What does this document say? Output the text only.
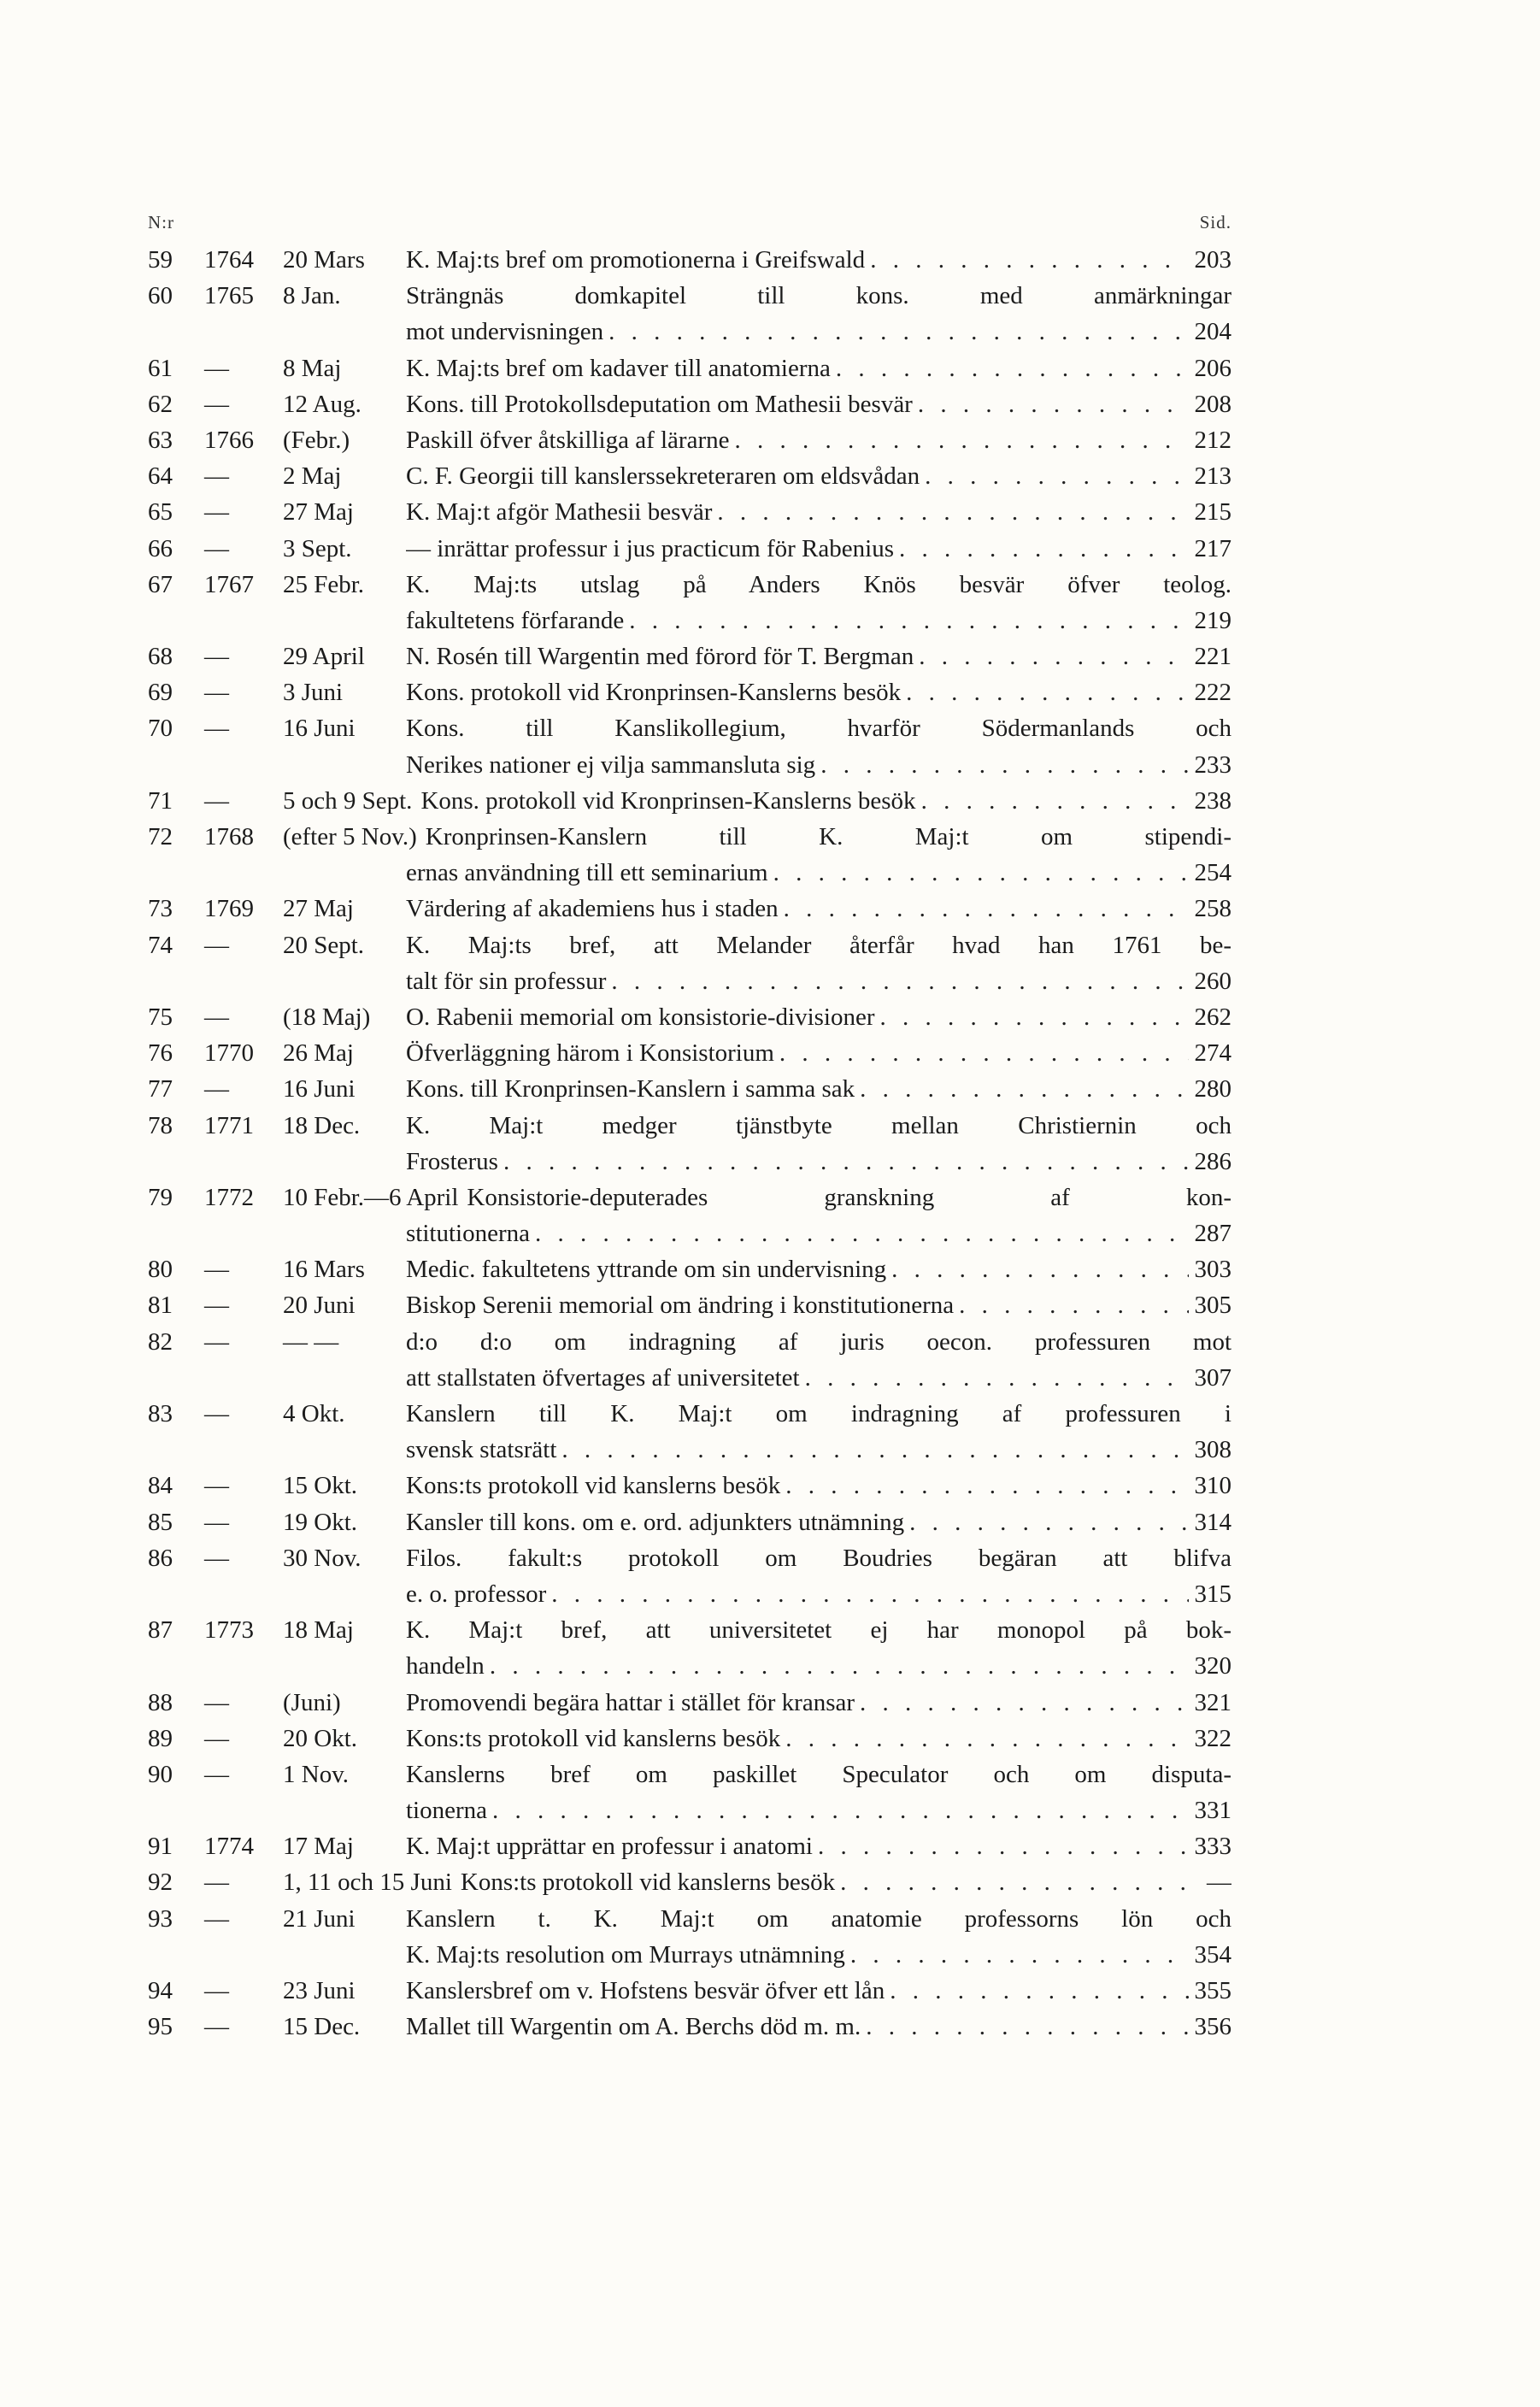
N:r	Sid.
59	1764	20 Mars	K. Maj:ts bref om promotionerna i Greifswald . . .	203
60	1765	8 Jan.	Strängnäs domkapitel till kons. med anmärkningar
mot undervisningen . . .	204
61	—	8 Maj	K. Maj:ts bref om kadaver till anatomierna . . .	206
62	—	12 Aug.	Kons. till Protokollsdeputation om Mathesii besvär . . .	208
63	1766	(Febr.)	Paskill öfver åtskilliga af lärarne . . .	212
64	—	2 Maj	C. F. Georgii till kanslerssekreteraren om eldsvådan . . .	213
65	—	27 Maj	K. Maj:t afgör Mathesii besvär . . .	215
66	—	3 Sept.	— inrättar professur i jus practicum för Rabenius . . .	217
67	1767	25 Febr.	K. Maj:ts utslag på Anders Knös besvär öfver teolog.
fakultetens förfarande . . .	219
68	—	29 April	N. Rosén till Wargentin med förord för T. Bergman . . .	221
69	—	3 Juni	Kons. protokoll vid Kronprinsen-Kanslerns besök . . .	222
70	—	16 Juni	Kons. till Kanslikollegium, hvarför Södermanlands och
Nerikes nationer ej vilja sammansluta sig . . .	233
71	—	5 och 9 Sept. Kons. protokoll vid Kronprinsen-Kanslerns besök . . .	238
72	1768	(efter 5 Nov.) Kronprinsen-Kanslern till K. Maj:t om stipendi-
ernas användning till ett seminarium . . .	254
73	1769	27 Maj	Värdering af akademiens hus i staden . . .	258
74	—	20 Sept.	K. Maj:ts bref, att Melander återfår hvad han 1761 be-
talt för sin professur . . .	260
75	—	(18 Maj)	O. Rabenii memorial om konsistorie-divisioner . . .	262
76	1770	26 Maj	Öfverläggning härom i Konsistorium . . .	274
77	—	16 Juni	Kons. till Kronprinsen-Kanslern i samma sak . . .	280
78	1771	18 Dec.	K. Maj:t medger tjänstbyte mellan Christiernin och
Frosterus . . .	286
79	1772	10 Febr.—6 April Konsistorie-deputerades granskning af kon-
stitutionerna . . .	287
80	—	16 Mars	Medic. fakultetens yttrande om sin undervisning . . .	303
81	—	20 Juni	Biskop Serenii memorial om ändring i konstitutionerna . . .	305
82	—	— —	d:o d:o om indragning af juris oecon. professuren mot
att stallstaten öfvertages af universitetet . . .	307
83	—	4 Okt.	Kanslern till K. Maj:t om indragning af professuren i
svensk statsrätt . . .	308
84	—	15 Okt.	Kons:ts protokoll vid kanslerns besök . . .	310
85	—	19 Okt.	Kansler till kons. om e. ord. adjunkters utnämning . . .	314
86	—	30 Nov.	Filos. fakult:s protokoll om Boudries begäran att blifva
e. o. professor . . .	315
87	1773	18 Maj	K. Maj:t bref, att universitetet ej har monopol på bok-
handeln . . .	320
88	—	(Juni)	Promovendi begära hattar i stället för kransar . . .	321
89	—	20 Okt.	Kons:ts protokoll vid kanslerns besök . . .	322
90	—	1 Nov.	Kanslerns bref om paskillet Speculator och om disputa-
tionerna . . .	331
91	1774	17 Maj	K. Maj:t upprättar en professur i anatomi . . .	333
92	—	1, 11 och 15 Juni Kons:ts protokoll vid kanslerns besök . . .	—
93	—	21 Juni	Kanslern t. K. Maj:t om anatomie professorns lön och
K. Maj:ts resolution om Murrays utnämning . . .	354
94	—	23 Juni	Kanslersbref om v. Hofstens besvär öfver ett lån . . .	355
95	—	15 Dec.	Mallet till Wargentin om A. Berchs död m. m. . . .	356
